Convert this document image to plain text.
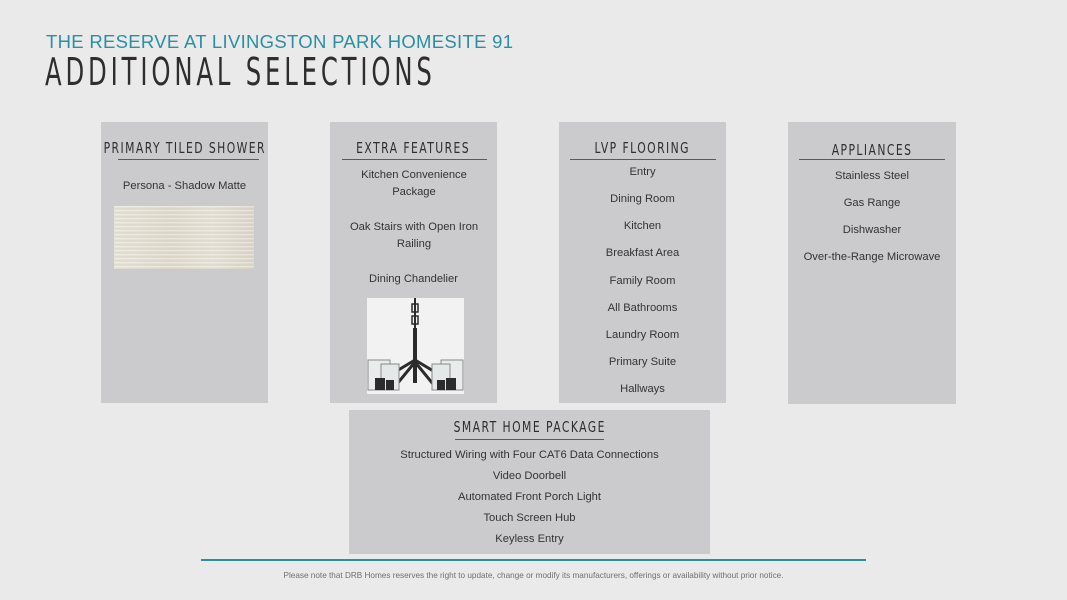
THE RESERVE AT LIVINGSTON PARK HOMESITE 91
ADDITIONAL SELECTIONS
PRIMARY TILED SHOWER
Persona - Shadow Matte
EXTRA FEATURES
Kitchen Convenience Package
Oak Stairs with Open Iron Railing
Dining Chandelier
LVP FLOORING
Entry
Dining Room
Kitchen
Breakfast Area
Family Room
All Bathrooms
Laundry Room
Primary Suite
Hallways
APPLIANCES
Stainless Steel
Gas Range
Dishwasher
Over-the-Range Microwave
SMART HOME PACKAGE
Structured Wiring with Four CAT6 Data Connections
Video Doorbell
Automated Front Porch Light
Touch Screen Hub
Keyless Entry
Please note that DRB Homes reserves the right to update, change or modify its manufacturers, offerings or availability without prior notice.
